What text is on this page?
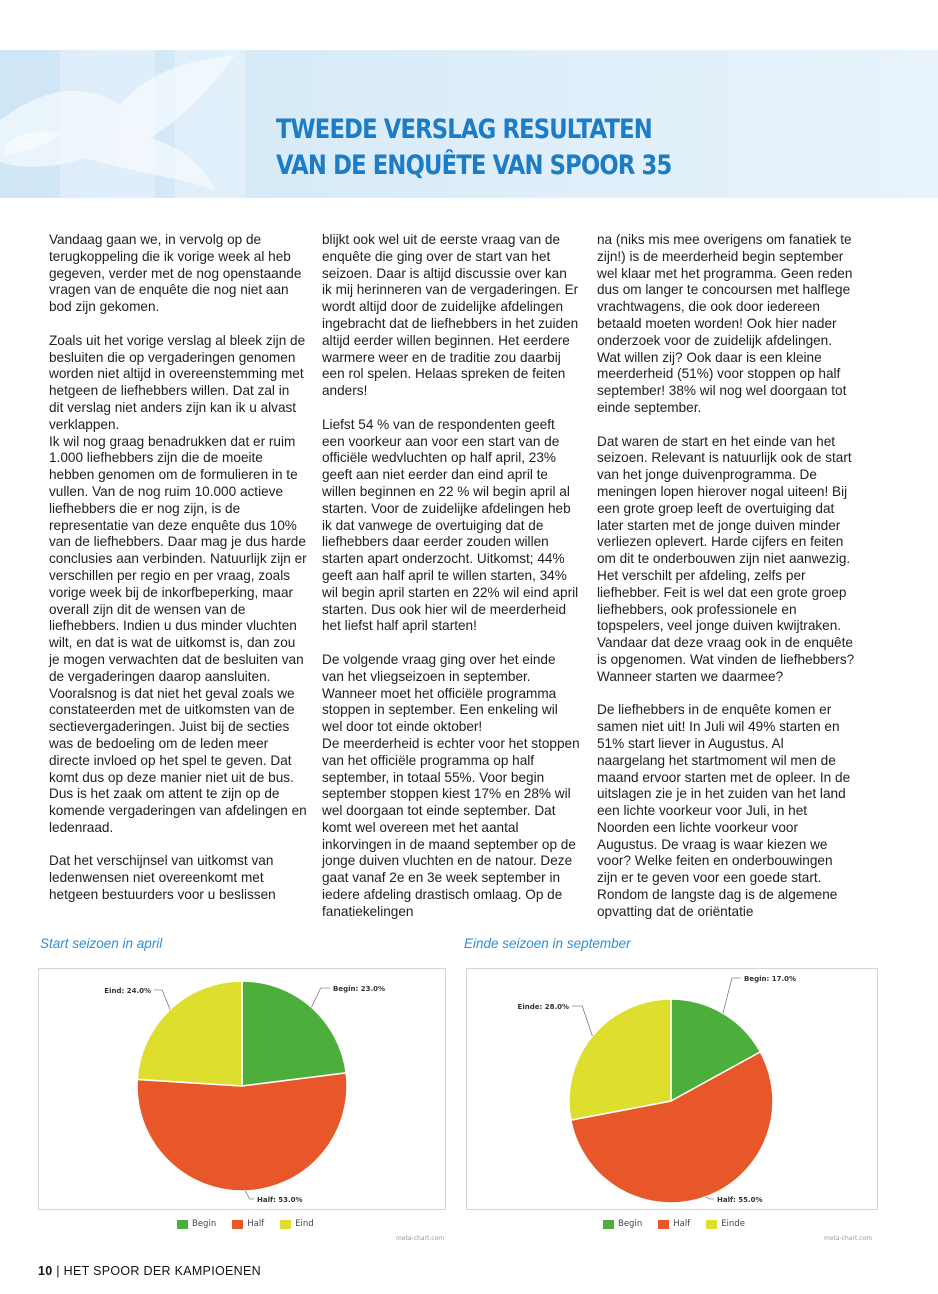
TWEEDE VERSLAG RESULTATEN
VAN DE ENQUÊTE VAN SPOOR 35

Vandaag gaan we, in vervolg op de terugkoppeling die ik vorige week al heb gegeven, verder met de nog openstaande vragen van de enquête die nog niet aan bod zijn gekomen.

Zoals uit het vorige verslag al bleek zijn de besluiten die op vergaderingen genomen worden niet altijd in overeenstemming met hetgeen de liefhebbers willen. Dat zal in dit verslag niet anders zijn kan ik u alvast verklappen.

Ik wil nog graag benadrukken dat er ruim 1.000 liefhebbers zijn die de moeite hebben genomen om de formulieren in te vullen. Van de nog ruim 10.000 actieve liefhebbers die er nog zijn, is de representatie van deze enquête dus 10% van de liefhebbers. Daar mag je dus harde conclusies aan verbinden. Natuurlijk zijn er verschillen per regio en per vraag, zoals vorige week bij de inkorfbeperking, maar overall zijn dit de wensen van de liefhebbers. Indien u dus minder vluchten wilt, en dat is wat de uitkomst is, dan zou je mogen verwachten dat de besluiten van de vergaderingen daarop aansluiten. Vooralsnog is dat niet het geval zoals we constateerden met de uitkomsten van de sectievergaderingen. Juist bij de secties was de bedoeling om de leden meer directe invloed op het spel te geven. Dat komt dus op deze manier niet uit de bus. Dus is het zaak om attent te zijn op de komende vergaderingen van afdelingen en ledenraad.

Dat het verschijnsel van uitkomst van ledenwensen niet overeenkomt met hetgeen bestuurders voor u beslissen

blijkt ook wel uit de eerste vraag van de enquête die ging over de start van het seizoen. Daar is altijd discussie over kan ik mij herinneren van de vergaderingen. Er wordt altijd door de zuidelijke afdelingen ingebracht dat de liefhebbers in het zuiden altijd eerder willen beginnen. Het eerdere warmere weer en de traditie zou daarbij een rol spelen. Helaas spreken de feiten anders!

Liefst 54 % van de respondenten geeft een voorkeur aan voor een start van de officiële wedvluchten op half april, 23% geeft aan niet eerder dan eind april te willen beginnen en 22 % wil begin april al starten. Voor de zuidelijke afdelingen heb ik dat vanwege de overtuiging dat de liefhebbers daar eerder zouden willen starten apart onderzocht. Uitkomst; 44% geeft aan half april te willen starten, 34% wil begin april starten en 22% wil eind april starten. Dus ook hier wil de meerderheid het liefst half april starten!

De volgende vraag ging over het einde van het vliegseizoen in september. Wanneer moet het officiële programma stoppen in september. Een enkeling wil wel door tot einde oktober!

De meerderheid is echter voor het stoppen van het officiële programma op half september, in totaal 55%. Voor begin september stoppen kiest 17% en 28% wil wel doorgaan tot einde september. Dat komt wel overeen met het aantal inkorvingen in de maand september op de jonge duiven vluchten en de natour. Deze gaat vanaf 2e en 3e week september in iedere afdeling drastisch omlaag. Op de fanatiekelingen

na (niks mis mee overigens om fanatiek te zijn!) is de meerderheid begin september wel klaar met het programma. Geen reden dus om langer te concoursen met halflege vrachtwagens, die ook door iedereen betaald moeten worden! Ook hier nader onderzoek voor de zuidelijk afdelingen. Wat willen zij? Ook daar is een kleine meerderheid (51%) voor stoppen op half september! 38% wil nog wel doorgaan tot einde september.

Dat waren de start en het einde van het seizoen. Relevant is natuurlijk ook de start van het jonge duivenprogramma. De meningen lopen hierover nogal uiteen! Bij een grote groep leeft de overtuiging dat later starten met de jonge duiven minder verliezen oplevert. Harde cijfers en feiten om dit te onderbouwen zijn niet aanwezig. Het verschilt per afdeling, zelfs per liefhebber. Feit is wel dat een grote groep liefhebbers, ook professionele en topspelers, veel jonge duiven kwijtraken. Vandaar dat deze vraag ook in de enquête is opgenomen. Wat vinden de liefhebbers? Wanneer starten we daarmee?

De liefhebbers in de enquête komen er samen niet uit! In Juli wil 49% starten en 51% start liever in Augustus. Al naargelang het startmoment wil men de maand ervoor starten met de opleer. In de uitslagen zie je in het zuiden van het land een lichte voorkeur voor Juli, in het Noorden een lichte voorkeur voor Augustus. De vraag is waar kiezen we voor? Welke feiten en onderbouwingen zijn er te geven voor een goede start. Rondom de langste dag is de algemene opvatting dat de oriëntatie

Start seizoen in april

Begin: 23.0%
Half: 53.0%
Eind: 24.0%
Begin	Half	Eind
meta-chart.com

Einde seizoen in september

Begin: 17.0%
Half: 55.0%
Einde: 28.0%
Begin	Half	Einde
meta-chart.com
10 | HET SPOOR DER KAMPIOENEN
